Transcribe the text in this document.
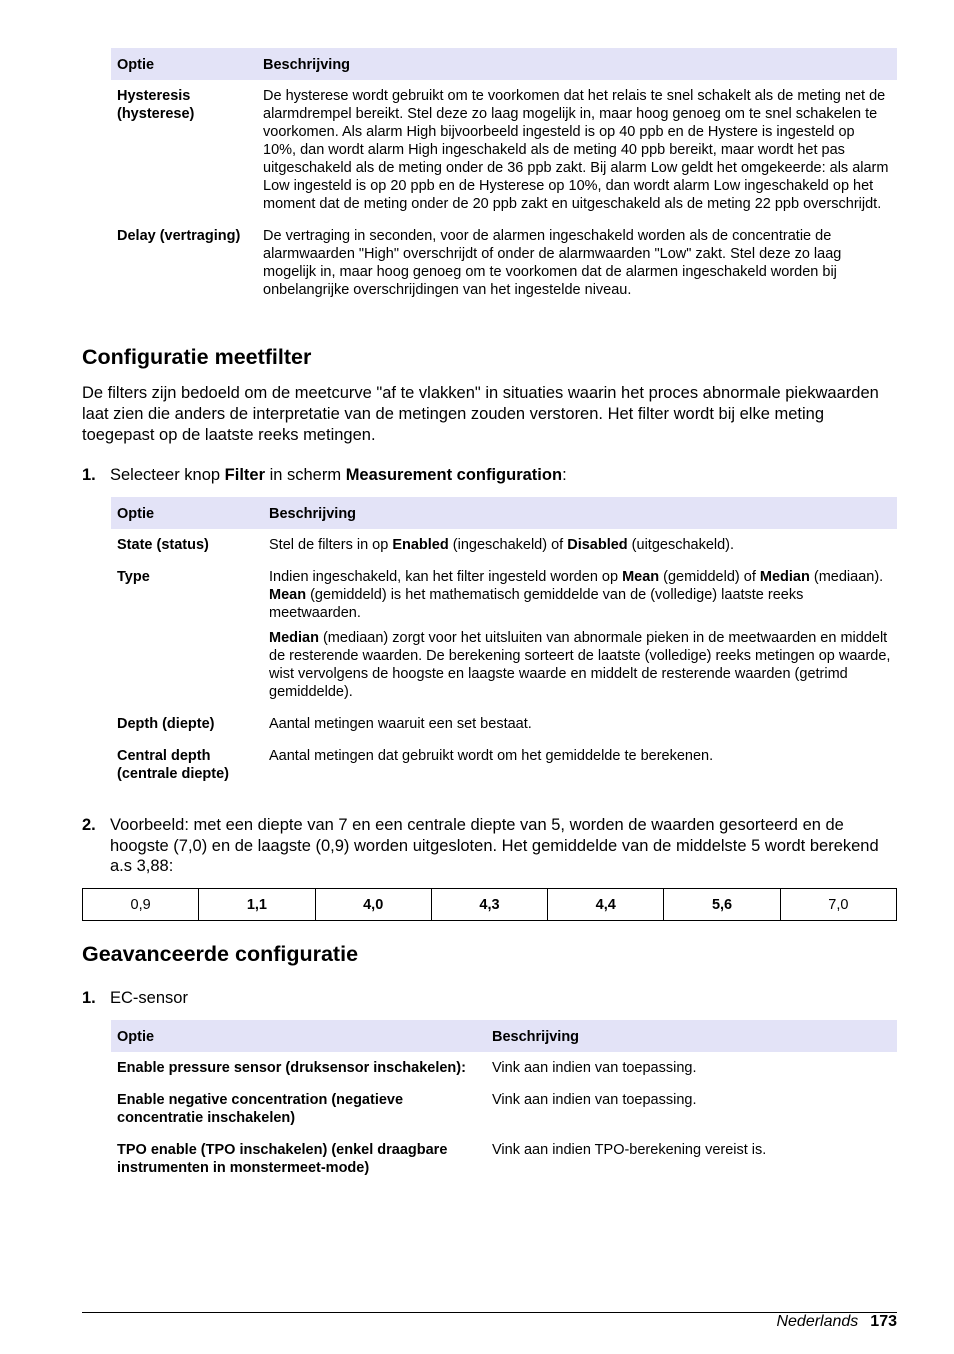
Optie	Beschrijving
Hysteresis (hysterese)	De hysterese wordt gebruikt om te voorkomen dat het relais te snel schakelt als de meting net de alarmdrempel bereikt. Stel deze zo laag mogelijk in, maar hoog genoeg om te snel schakelen te voorkomen. Als alarm High bijvoorbeeld ingesteld is op 40 ppb en de Hystere is ingesteld op 10%, dan wordt alarm High ingeschakeld als de meting 40 ppb bereikt, maar wordt het pas uitgeschakeld als de meting onder de 36 ppb zakt. Bij alarm Low geldt het omgekeerde: als alarm Low ingesteld is op 20 ppb en de Hysterese op 10%, dan wordt alarm Low ingeschakeld op het moment dat de meting onder de 20 ppb zakt en uitgeschakeld als de meting 22 ppb overschrijdt.
Delay (vertraging)	De vertraging in seconden, voor de alarmen ingeschakeld worden als de concentratie de alarmwaarden "High" overschrijdt of onder de alarmwaarden "Low" zakt. Stel deze zo laag mogelijk in, maar hoog genoeg om te voorkomen dat de alarmen ingeschakeld worden bij onbelangrijke overschrijdingen van het ingestelde niveau.
Configuratie meetfilter
De filters zijn bedoeld om de meetcurve "af te vlakken" in situaties waarin het proces abnormale piekwaarden laat zien die anders de interpretatie van de metingen zouden verstoren. Het filter wordt bij elke meting toegepast op de laatste reeks metingen.
1. Selecteer knop Filter in scherm Measurement configuration:
Optie	Beschrijving
State (status)	Stel de filters in op Enabled (ingeschakeld) of Disabled (uitgeschakeld).
Type	Indien ingeschakeld, kan het filter ingesteld worden op Mean (gemiddeld) of Median (mediaan).
Mean (gemiddeld) is het mathematisch gemiddelde van de (volledige) laatste reeks meetwaarden.

Median (mediaan) zorgt voor het uitsluiten van abnormale pieken in de meetwaarden en middelt de resterende waarden. De berekening sorteert de laatste (volledige) reeks metingen op waarde, wist vervolgens de hoogste en laagste waarde en middelt de resterende waarden (getrimd gemiddelde).

Depth (diepte)	Aantal metingen waaruit een set bestaat.
Central depth (centrale diepte)	Aantal metingen dat gebruikt wordt om het gemiddelde te berekenen.
2. Voorbeeld: met een diepte van 7 en een centrale diepte van 5, worden de waarden gesorteerd en de hoogste (7,0) en de laagste (0,9) worden uitgesloten. Het gemiddelde van de middelste 5 wordt berekend a.s 3,88:
0,9	1,1	4,0	4,3	4,4	5,6	7,0
Geavanceerde configuratie
1. EC-sensor
Optie	Beschrijving
Enable pressure sensor (druksensor inschakelen):	Vink aan indien van toepassing.
Enable negative concentration (negatieve concentratie inschakelen)	Vink aan indien van toepassing.
TPO enable (TPO inschakelen) (enkel draagbare instrumenten in monstermeet-mode)	Vink aan indien TPO-berekening vereist is.
Nederlands 173
